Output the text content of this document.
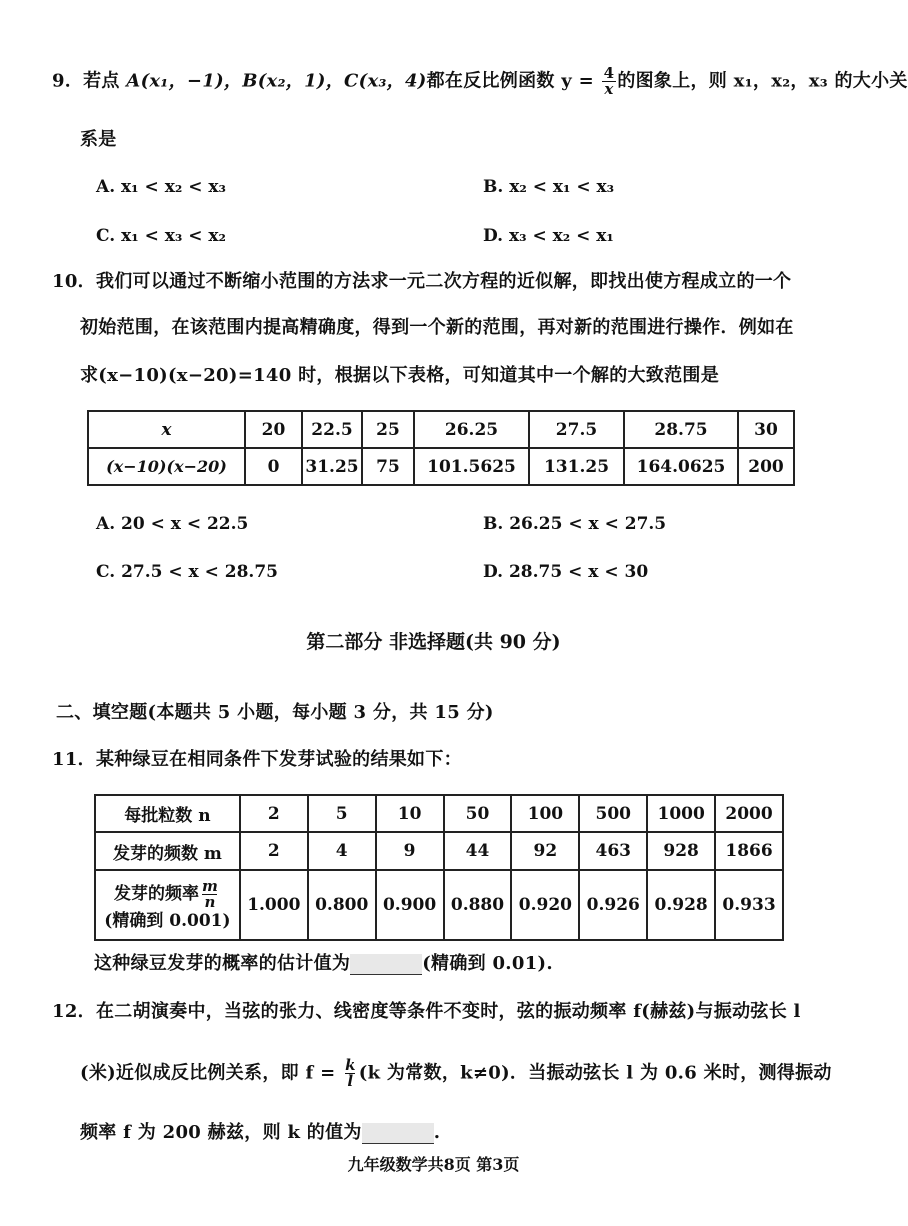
9．若点 A(x₁，−1)，B(x₂，1)，C(x₃，4)都在反比例函数 $y = \frac{4}{x}$ 的图象上，则 x₁，x₂，x₃ 的大小关
系是
A. x₁ < x₂ < x₃	B. x₂ < x₁ < x₃
C. x₁ < x₃ < x₂	D. x₃ < x₂ < x₁
10．我们可以通过不断缩小范围的方法求一元二次方程的近似解，即找出使方程成立的一个
初始范围，在该范围内提高精确度，得到一个新的范围，再对新的范围进行操作．例如在
求(x−10)(x−20)=140 时，根据以下表格，可知道其中一个解的大致范围是
x	20	22.5	25	26.25	27.5	28.75	30
(x−10)(x−20)	0	31.25	75	101.5625	131.25	164.0625	200
A. 20 < x < 22.5	B. 26.25 < x < 27.5
C. 27.5 < x < 28.75	D. 28.75 < x < 30
第二部分 非选择题(共 90 分)
二、填空题(本题共 5 小题，每小题 3 分，共 15 分)
11．某种绿豆在相同条件下发芽试验的结果如下：
每批粒数 n	2	5	10	50	100	500	1000	2000
发芽的频数 m	2	4	9	44	92	463	928	1866

发芽的频率 $\frac{m}{n}$
(精确到 0.001)	1.000	0.800	0.900	0.880	0.920	0.926	0.928	0.933
这种绿豆发芽的概率的估计值为	(精确到 0.01).
12．在二胡演奏中，当弦的张力、线密度等条件不变时，弦的振动频率 f(赫兹)与振动弦长 l
(米)近似成反比例关系，即 $f = \frac{k}{l} (k$ 为常数，k≠0)．当振动弦长 l 为 0.6 米时，测得振动
频率 f 为 200 赫兹，则 k 的值为	.
九年级数学共8页 第3页
